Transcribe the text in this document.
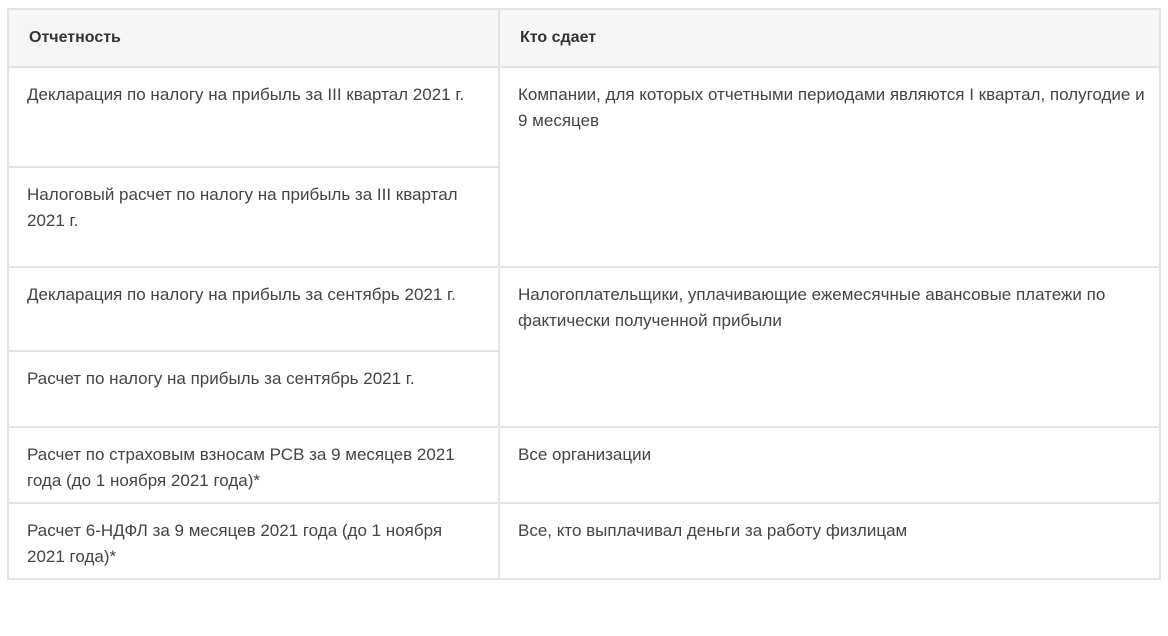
Отчетность	Кто сдает
Декларация по налогу на прибыль за III квартал 2021 г.	Компании, для которых отчетными периодами являются I квартал, полугодие и 9 месяцев
Налоговый расчет по налогу на прибыль за III квартал 2021 г.	
Декларация по налогу на прибыль за сентябрь 2021 г.	Налогоплательщики, уплачивающие ежемесячные авансовые платежи по фактически полученной прибыли
Расчет по налогу на прибыль за сентябрь 2021 г.	
Расчет по страховым взносам РСВ за 9 месяцев 2021 года (до 1 ноября 2021 года)*	Все организации
Расчет 6-НДФЛ за 9 месяцев 2021 года (до 1 ноября 2021 года)*	Все, кто выплачивал деньги за работу физлицам
